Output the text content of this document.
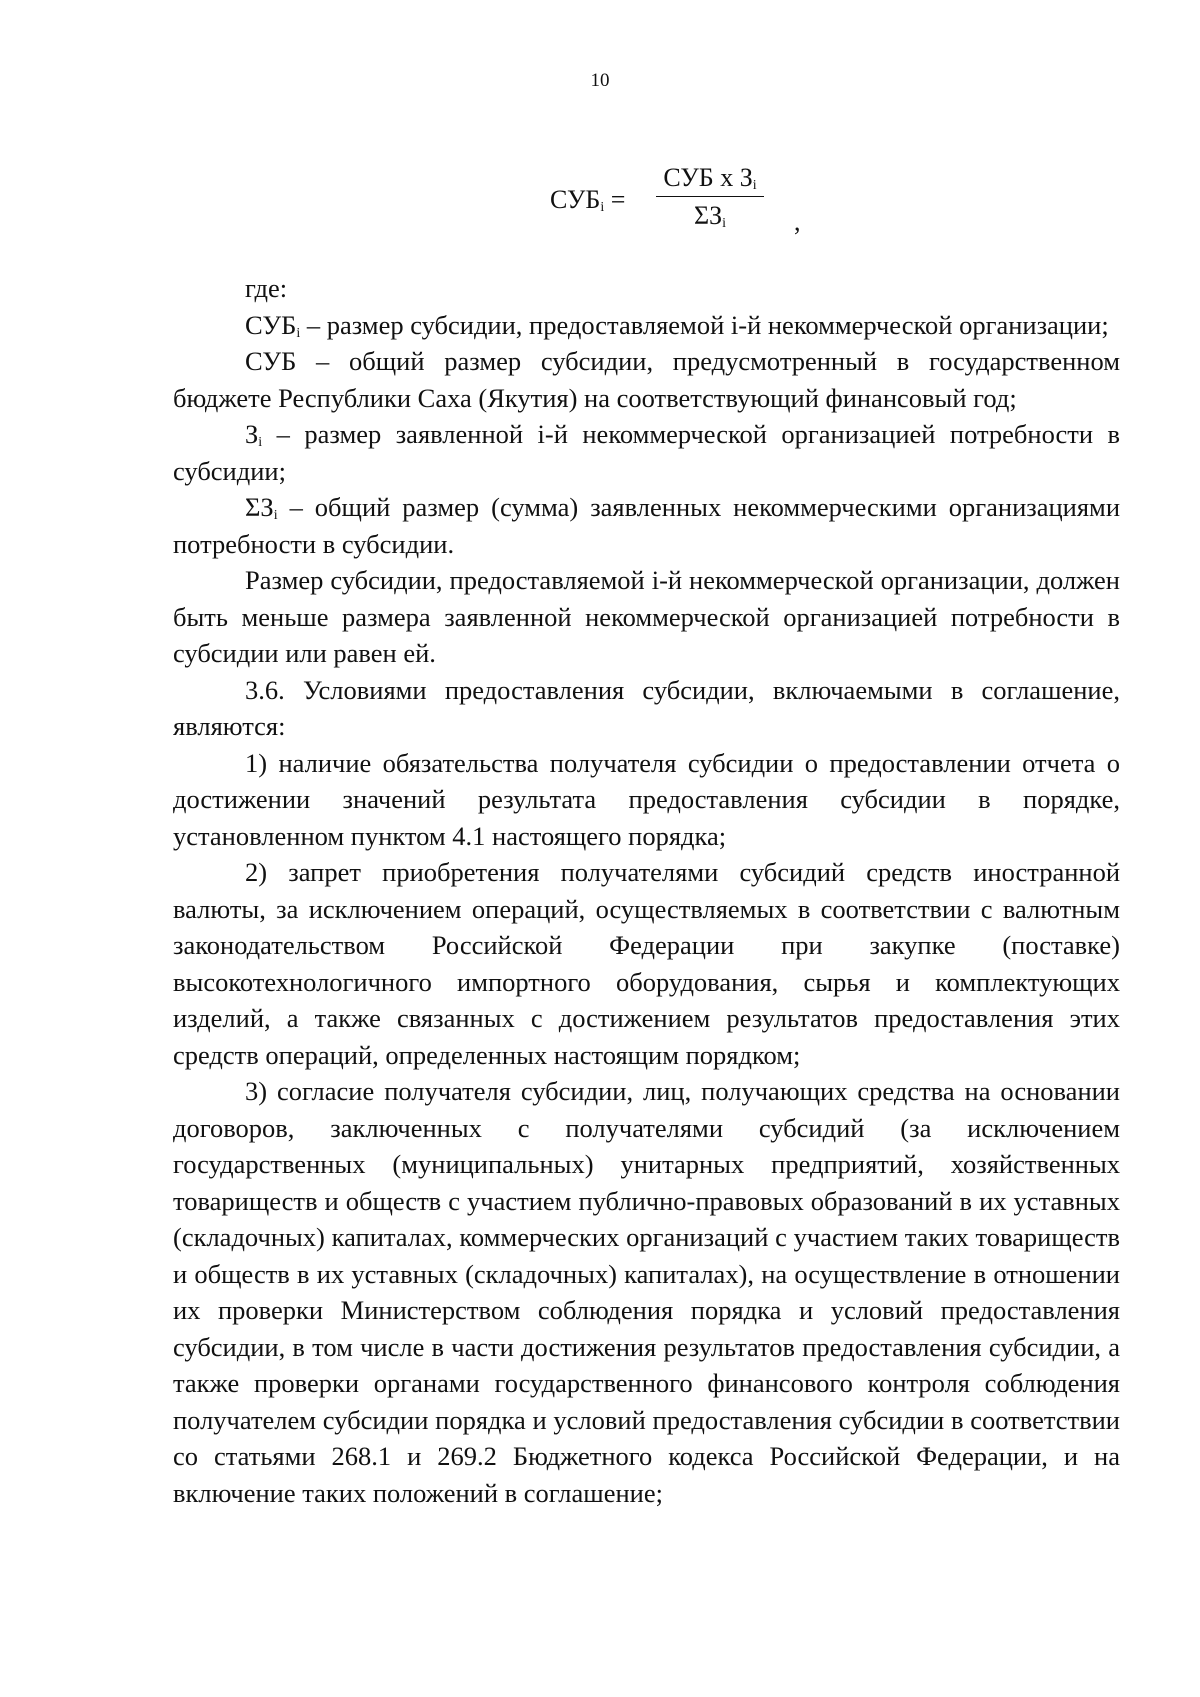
10
$СУБ_i$ =
СУБ х $З_i$
$\Sigma З_i$	,

где:

$СУБ_i$ – размер субсидии, предоставляемой i-й некоммерческой организации;

СУБ – общий размер субсидии, предусмотренный в государственном бюджете Республики Саха (Якутия) на соответствующий финансовый год;

$З_i$ – размер заявленной i-й некоммерческой организацией потребности в субсидии;

$\Sigma З_i$ – общий размер (сумма) заявленных некоммерческими организациями потребности в субсидии.

Размер субсидии, предоставляемой i-й некоммерческой организации, должен быть меньше размера заявленной некоммерческой организацией потребности в субсидии или равен ей.

3.6. Условиями предоставления субсидии, включаемыми в соглашение, являются:

1) наличие обязательства получателя субсидии о предоставлении отчета о достижении значений результата предоставления субсидии в порядке, установленном пунктом 4.1 настоящего порядка;

2) запрет приобретения получателями субсидий средств иностранной валюты, за исключением операций, осуществляемых в соответствии с валютным законодательством Российской Федерации при закупке (поставке) высокотехнологичного импортного оборудования, сырья и комплектующих изделий, а также связанных с достижением результатов предоставления этих средств операций, определенных настоящим порядком;

3) согласие получателя субсидии, лиц, получающих средства на основании договоров, заключенных с получателями субсидий (за исключением государственных (муниципальных) унитарных предприятий, хозяйственных товариществ и обществ с участием публично-правовых образований в их уставных (складочных) капиталах, коммерческих организаций с участием таких товариществ и обществ в их уставных (складочных) капиталах), на осуществление в отношении их проверки Министерством соблюдения порядка и условий предоставления субсидии, в том числе в части достижения результатов предоставления субсидии, а также проверки органами государственного финансового контроля соблюдения получателем субсидии порядка и условий предоставления субсидии в соответствии со статьями 268.1 и 269.2 Бюджетного кодекса Российской Федерации, и на включение таких положений в соглашение;
